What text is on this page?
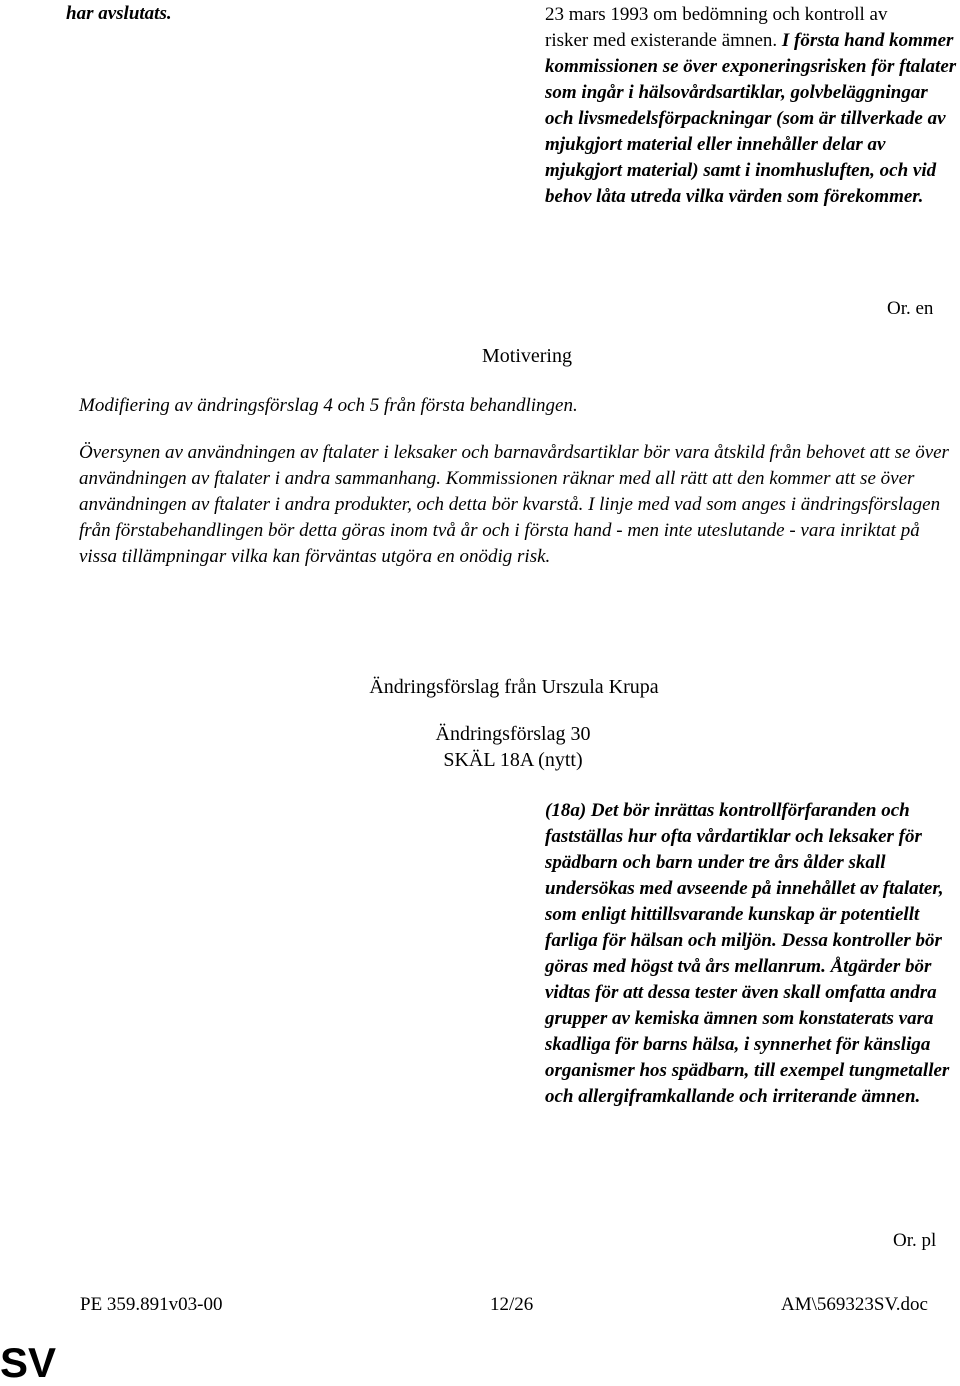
har avslutats.	23 mars 1993 om bedömning och kontroll av
risker med existerande ämnen. I första hand kommer kommissionen se över exponeringsrisken för ftalater som ingår i hälsovårdsartiklar, golvbeläggningar och livsmedelsförpackningar (som är tillverkade av mjukgjort material eller innehåller delar av mjukgjort material) samt i inomhusluften, och vid behov låta utreda vilka värden som förekommer.
Or. en
Motivering
Modifiering av ändringsförslag 4 och 5 från första behandlingen.
Översynen av användningen av ftalater i leksaker och barnavårdsartiklar bör vara åtskild från behovet att se över användningen av ftalater i andra sammanhang. Kommissionen räknar med all rätt att den kommer att se över användningen av ftalater i andra produkter, och detta bör kvarstå. I linje med vad som anges i ändringsförslagen från förstabehandlingen bör detta göras inom två år och i första hand - men inte uteslutande - vara inriktat på vissa tillämpningar vilka kan förväntas utgöra en onödig risk.
Ändringsförslag från Urszula Krupa
Ändringsförslag 30
SKÄL 18A (nytt)
(18a) Det bör inrättas kontrollförfaranden och fastställas hur ofta vårdartiklar och leksaker för spädbarn och barn under tre års ålder skall undersökas med avseende på innehållet av ftalater, som enligt hittillsvarande kunskap är potentiellt farliga för hälsan och miljön. Dessa kontroller bör göras med högst två års mellanrum. Åtgärder bör vidtas för att dessa tester även skall omfatta andra grupper av kemiska ämnen som konstaterats vara skadliga för barns hälsa, i synnerhet för känsliga organismer hos spädbarn, till exempel tungmetaller och allergiframkallande och irriterande ämnen.
Or. pl
PE 359.891v03-00	12/26	AM\569323SV.doc
SV
